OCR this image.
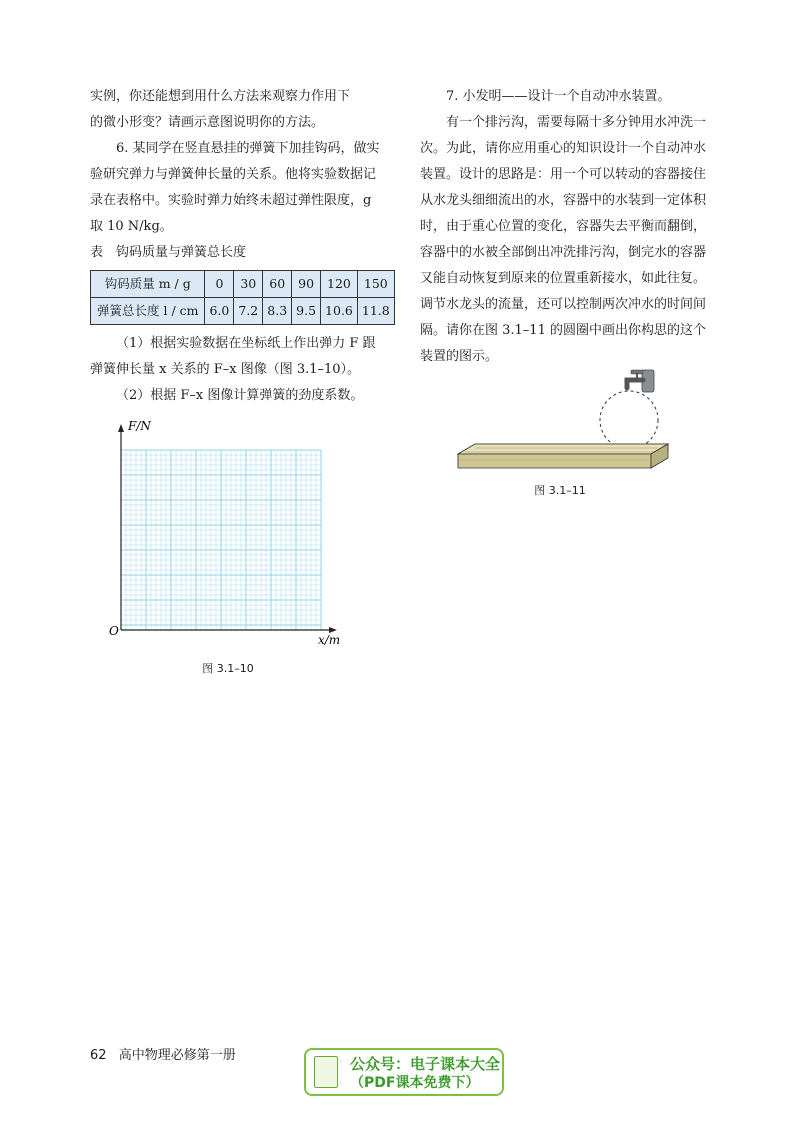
实例，你还能想到用什么方法来观察力作用下

的微小形变？请画示意图说明你的方法。

6. 某同学在竖直悬挂的弹簧下加挂钩码，做实验研究弹力与弹簧伸长量的关系。他将实验数据记录在表格中。实验时弹力始终未超过弹性限度，g 取 10 N/kg。

表　钩码质量与弹簧总长度

钩码质量 m / g	0	30	60	90	120	150
弹簧总长度 l / cm	6.0	7.2	8.3	9.5	10.6	11.8

（1）根据实验数据在坐标纸上作出弹力 F 跟弹簧伸长量 x 关系的 F–x 图像（图 3.1–10）。

（2）根据 F–x 图像计算弹簧的劲度系数。

F/N
x/m
O
图 3.1–10

7. 小发明——设计一个自动冲水装置。

有一个排污沟，需要每隔十多分钟用水冲洗一次。为此，请你应用重心的知识设计一个自动冲水装置。设计的思路是：用一个可以转动的容器接住从水龙头细细流出的水，容器中的水装到一定体积时，由于重心位置的变化，容器失去平衡而翻倒，容器中的水被全部倒出冲洗排污沟，倒完水的容器又能自动恢复到原来的位置重新接水，如此往复。调节水龙头的流量，还可以控制两次冲水的时间间隔。请你在图 3.1–11 的圆圈中画出你构思的这个装置的图示。

图 3.1–11
62 高中物理必修第一册	公众号：电子课本大全
（PDF课本免费下）
